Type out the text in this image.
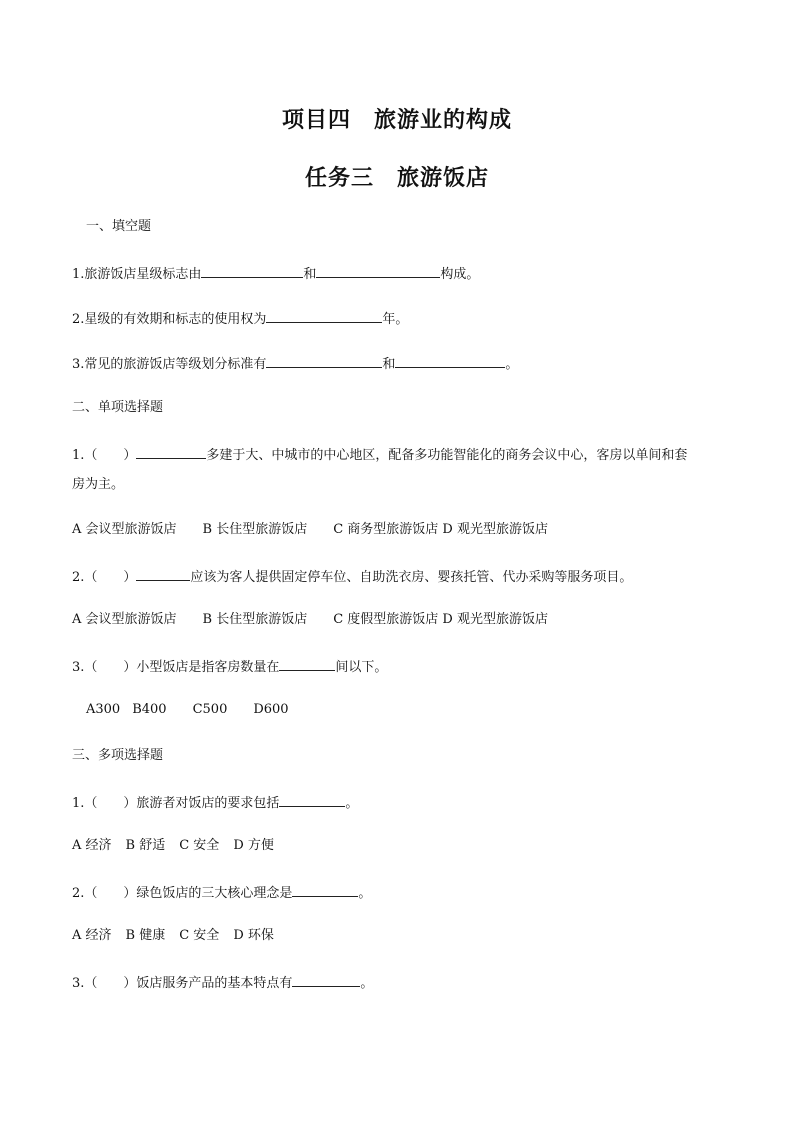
项目四　旅游业的构成
任务三　旅游饭店
一、填空题
1.旅游饭店星级标志由	和	构成。
2.星级的有效期和标志的使用权为	年。
3.常见的旅游饭店等级划分标准有	和	。
二、单项选择题
1.（　　）	多建于大、中城市的中心地区，配备多功能智能化的商务会议中心，客房以单间和套
房为主。
A 会议型旅游饭店 B 长住型旅游饭店 C 商务型旅游饭店 D 观光型旅游饭店
2.（　　）	应该为客人提供固定停车位、自助洗衣房、婴孩托管、代办采购等服务项目。
A 会议型旅游饭店 B 长住型旅游饭店 C 度假型旅游饭店 D 观光型旅游饭店
3.（　　）小型饭店是指客房数量在	间以下。
A300 B400 C500 D600
三、多项选择题
1.（　　）旅游者对饭店的要求包括	。
A 经济 B 舒适 C 安全 D 方便
2.（　　）绿色饭店的三大核心理念是	。
A 经济 B 健康 C 安全 D 环保
3.（　　）饭店服务产品的基本特点有	。
